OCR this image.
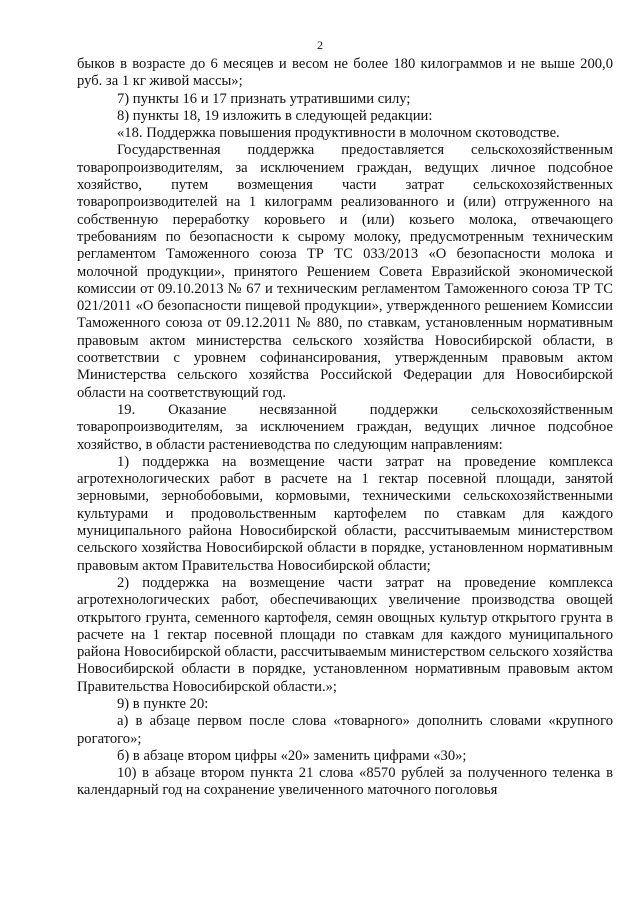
2

быков в возрасте до 6 месяцев и весом не более 180 килограммов и не выше 200,0 руб. за 1 кг живой массы»;

7) пункты 16 и 17 признать утратившими силу;

8) пункты 18, 19 изложить в следующей редакции:

«18. Поддержка повышения продуктивности в молочном скотоводстве.

Государственная поддержка предоставляется сельскохозяйственным товаропроизводителям, за исключением граждан, ведущих личное подсобное хозяйство, путем возмещения части затрат сельскохозяйственных товаропроизводителей на 1 килограмм реализованного и (или) отгруженного на собственную переработку коровьего и (или) козьего молока, отвечающего требованиям по безопасности к сырому молоку, предусмотренным техническим регламентом Таможенного союза ТР ТС 033/2013 «О безопасности молока и молочной продукции», принятого Решением Совета Евразийской экономической комиссии от 09.10.2013 № 67 и техническим регламентом Таможенного союза ТР ТС 021/2011 «О безопасности пищевой продукции», утвержденного решением Комиссии Таможенного союза от 09.12.2011 № 880, по ставкам, установленным нормативным правовым актом министерства сельского хозяйства Новосибирской области, в соответствии с уровнем софинансирования, утвержденным правовым актом Министерства сельского хозяйства Российской Федерации для Новосибирской области на соответствующий год.

19. Оказание несвязанной поддержки сельскохозяйственным товаропроизводителям, за исключением граждан, ведущих личное подсобное хозяйство, в области растениеводства по следующим направлениям:

1) поддержка на возмещение части затрат на проведение комплекса агротехнологических работ в расчете на 1 гектар посевной площади, занятой зерновыми, зернобобовыми, кормовыми, техническими сельскохозяйственными культурами и продовольственным картофелем по ставкам для каждого муниципального района Новосибирской области, рассчитываемым министерством сельского хозяйства Новосибирской области в порядке, установленном нормативным правовым актом Правительства Новосибирской области;

2) поддержка на возмещение части затрат на проведение комплекса агротехнологических работ, обеспечивающих увеличение производства овощей открытого грунта, семенного картофеля, семян овощных культур открытого грунта в расчете на 1 гектар посевной площади по ставкам для каждого муниципального района Новосибирской области, рассчитываемым министерством сельского хозяйства Новосибирской области в порядке, установленном нормативным правовым актом Правительства Новосибирской области.»;

9) в пункте 20:

а) в абзаце первом после слова «товарного» дополнить словами «крупного рогатого»;

б) в абзаце втором цифры «20» заменить цифрами «30»;

10) в абзаце втором пункта 21 слова «8570 рублей за полученного теленка в календарный год на сохранение увеличенного маточного поголовья
